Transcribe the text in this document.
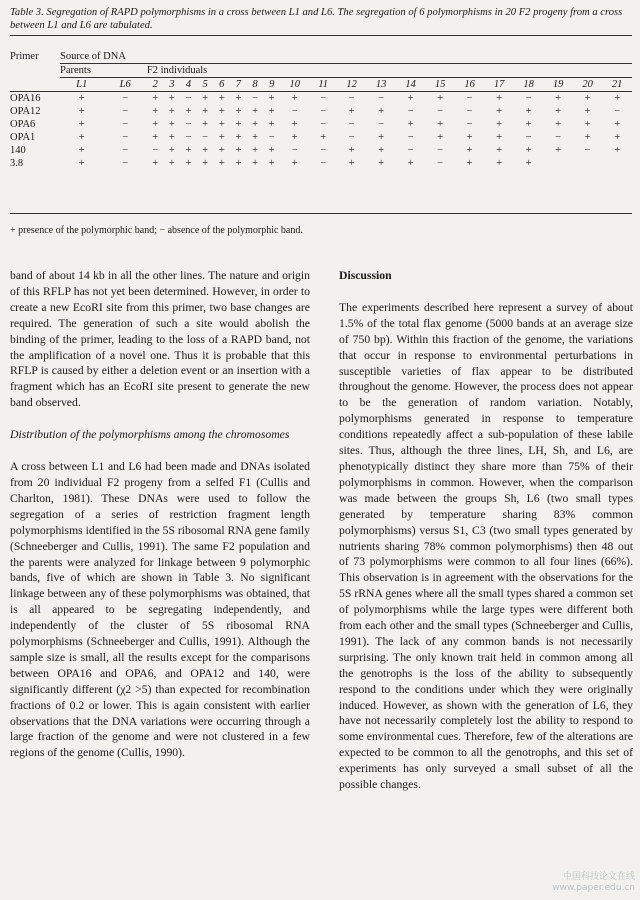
Table 3. Segregation of RAPD polymorphisms in a cross between L1 and L6. The segregation of 6 polymorphisms in 20 F2 progeny from a cross between L1 and L6 are tabulated.
Primer	Source of DNA																					
	Parents		F2 individuals																			
	L1	L6	2	3	4	5	6	7	8	9	10	11	12	13	14	15	16	17	18	19	20	21
OPA16	+	−	+	+	−	+	+	+	−	+	+	−	−	−	+	+	−	+	−	+	+	+
OPA12	+	−	+	+	+	+	+	+	+	+	−	−	+	+	−	−	−	+	+	+	+	−
OPA6	+	−	+	+	−	+	+	+	+	+	+	−	−	−	+	+	−	+	+	+	+	+
OPA1	+	−	+	+	−	−	+	+	+	−	+	+	−	+	−	+	+	+	−	−	+	+
140	+	−	−	+	+	+	+	+	+	+	−	−	+	+	−	−	+	+	+	+	−	+
3.8	+	−	+	+	+	+	+	+	+	+	+	−	+	+	+	−	+	+	+			
+ presence of the polymorphic band; − absence of the polymorphic band.

band of about 14 kb in all the other lines. The nature and origin of this RFLP has not yet been determined. However, in order to create a new EcoRI site from this primer, two base changes are required. The generation of such a site would abolish the binding of the primer, leading to the loss of a RAPD band, not the amplification of a novel one. Thus it is probable that this RFLP is caused by either a deletion event or an insertion with a fragment which has an EcoRI site present to generate the new band observed.

Distribution of the polymorphisms among the chromosomes

A cross between L1 and L6 had been made and DNAs isolated from 20 individual F2 progeny from a selfed F1 (Cullis and Charlton, 1981). These DNAs were used to follow the segregation of a series of restriction fragment length polymorphisms identified in the 5S ribosomal RNA gene family (Schneeberger and Cullis, 1991). The same F2 population and the parents were analyzed for linkage between 9 polymorphic bands, five of which are shown in Table 3. No significant linkage between any of these polymorphisms was obtained, that is all appeared to be segregating independently, and independently of the cluster of 5S ribosomal RNA polymorphisms (Schneeberger and Cullis, 1991). Although the sample size is small, all the results except for the comparisons between OPA16 and OPA6, and OPA12 and 140, were significantly different (χ2 >5) than expected for recombination fractions of 0.2 or lower. This is again consistent with earlier observations that the DNA variations were occurring through a large fraction of the genome and were not clustered in a few regions of the genome (Cullis, 1990).

Discussion

The experiments described here represent a survey of about 1.5% of the total flax genome (5000 bands at an average size of 750 bp). Within this fraction of the genome, the variations that occur in response to environmental perturbations in susceptible varieties of flax appear to be distributed throughout the genome. However, the process does not appear to be the generation of random variation. Notably, polymorphisms generated in response to temperature conditions repeatedly affect a sub-population of these labile sites. Thus, although the three lines, LH, Sh, and L6, are phenotypically distinct they share more than 75% of their polymorphisms in common. However, when the comparison was made between the groups Sh, L6 (two small types generated by temperature sharing 83% common polymorphisms) versus S1, C3 (two small types generated by nutrients sharing 78% common polymorphisms) then 48 out of 73 polymorphisms were common to all four lines (66%). This observation is in agreement with the observations for the 5S rRNA genes where all the small types shared a common set of polymorphisms while the large types were different both from each other and the small types (Schneeberger and Cullis, 1991). The lack of any common bands is not necessarily surprising. The only known trait held in common among all the genotrophs is the loss of the ability to subsequently respond to the conditions under which they were originally induced. However, as shown with the generation of L6, they have not necessarily completely lost the ability to respond to some environmental cues. Therefore, few of the alterations are expected to be common to all the genotrophs, and this set of experiments has only surveyed a small subset of all the possible changes.

中国科技论文在线 www.paper.edu.cn
